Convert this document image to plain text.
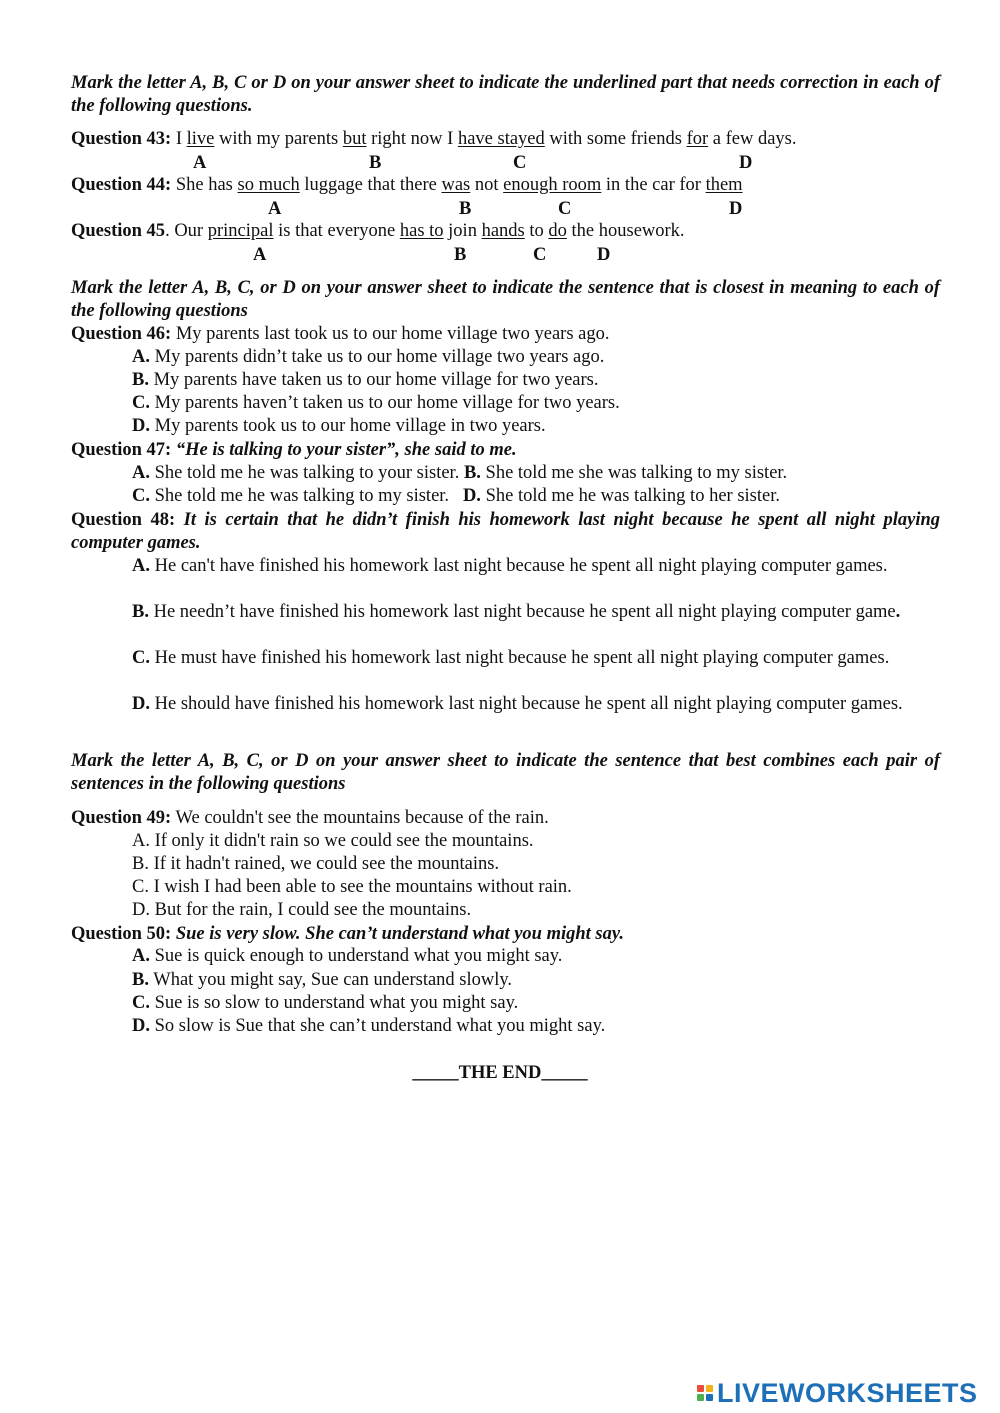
Mark the letter A, B, C or D on your answer sheet to indicate the underlined part that needs correction in each of the following questions.
Question 43: I live with my parents but right now I have stayed with some friends for a few days.
A	B	C	D
Question 44: She has so much luggage that there was not enough room in the car for them
A	B	C	D
Question 45. Our principal is that everyone has to join hands to do the housework.
A	B	C	D
Mark the letter A, B, C, or D on your answer sheet to indicate the sentence that is closest in meaning to each of the following questions
Question 46: My parents last took us to our home village two years ago.
A. My parents didn’t take us to our home village two years ago.
B. My parents have taken us to our home village for two years.
C. My parents haven’t taken us to our home village for two years.
D. My parents took us to our home village in two years.
Question 47: “He is talking to your sister”, she said to me.
A. She told me he was talking to your sister. B. She told me she was talking to my sister.
C. She told me he was talking to my sister.   D. She told me he was talking to her sister.
Question 48: It is certain that he didn’t finish his homework last night because he spent all night playing computer games.
A. He can't have finished his homework last night because he spent all night playing computer games.
B. He needn’t have finished his homework last night because he spent all night playing computer game.
C. He must have finished his homework last night because he spent all night playing computer games.
D. He should have finished his homework last night because he spent all night playing computer games.
Mark the letter A, B, C, or D on your answer sheet to indicate the sentence that best combines each pair of sentences in the following questions
Question 49: We couldn't see the mountains because of the rain.
A. If only it didn't rain so we could see the mountains.
B. If it hadn't rained, we could see the mountains.
C. I wish I had been able to see the mountains without rain.
D. But for the rain, I could see the mountains.
Question 50: Sue is very slow. She can’t understand what you might say.
A. Sue is quick enough to understand what you might say.
B. What you might say, Sue can understand slowly.
C. Sue is so slow to understand what you might say.
D. So slow is Sue that she can’t understand what you might say.
_____THE END_____
LIVEWORKSHEETS
